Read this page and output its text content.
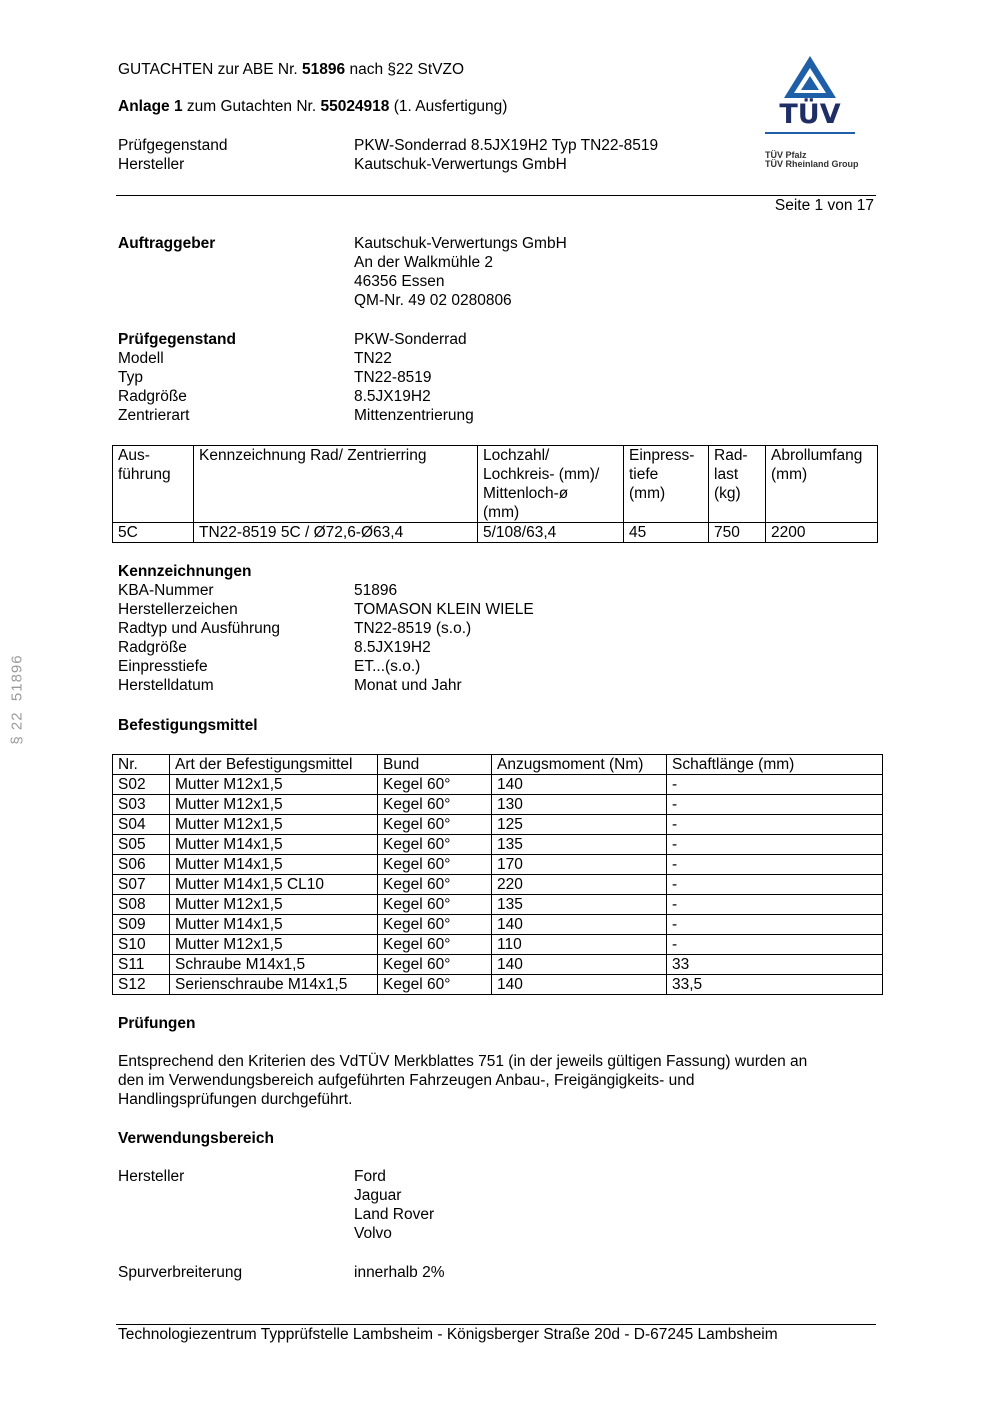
GUTACHTEN zur ABE Nr. 51896 nach §22 StVZO
Anlage 1 zum Gutachten Nr. 55024918 (1. Ausfertigung)
Prüfgegenstand	PKW-Sonderrad 8.5JX19H2 Typ TN22-8519
Hersteller	Kautschuk-Verwertungs GmbH
TÜV
TÜV Pfalz
TÜV Rheinland Group
Seite 1 von 17
§ 22  51896
Auftraggeber	Kautschuk-Verwertungs GmbH
An der Walkmühle 2
46356 Essen
QM-Nr. 49 02 0280806
Prüfgegenstand	PKW-Sonderrad
Modell	TN22
Typ	TN22-8519
Radgröße	8.5JX19H2
Zentrierart	Mittenzentrierung
Aus-
führung	Kennzeichnung Rad/ Zentrierring	Lochzahl/
Lochkreis- (mm)/
Mittenloch-ø
(mm)	Einpress-
tiefe
(mm)	Rad-
last
(kg)	Abrollumfang
(mm)
5C	TN22-8519 5C / Ø72,6-Ø63,4	5/108/63,4	45	750	2200
Kennzeichnungen
KBA-Nummer	51896
Herstellerzeichen	TOMASON KLEIN WIELE
Radtyp und Ausführung	TN22-8519 (s.o.)
Radgröße	8.5JX19H2
Einpresstiefe	ET...(s.o.)
Herstelldatum	Monat und Jahr
Befestigungsmittel
Nr.	Art der Befestigungsmittel	Bund	Anzugsmoment (Nm)	Schaftlänge (mm)
S02	Mutter M12x1,5	Kegel 60°	140	-
S03	Mutter M12x1,5	Kegel 60°	130	-
S04	Mutter M12x1,5	Kegel 60°	125	-
S05	Mutter M14x1,5	Kegel 60°	135	-
S06	Mutter M14x1,5	Kegel 60°	170	-
S07	Mutter M14x1,5 CL10	Kegel 60°	220	-
S08	Mutter M12x1,5	Kegel 60°	135	-
S09	Mutter M14x1,5	Kegel 60°	140	-
S10	Mutter M12x1,5	Kegel 60°	110	-
S11	Schraube M14x1,5	Kegel 60°	140	33
S12	Serienschraube M14x1,5	Kegel 60°	140	33,5
Prüfungen
Entsprechend den Kriterien des VdTÜV Merkblattes 751 (in der jeweils gültigen Fassung) wurden an
den im Verwendungsbereich aufgeführten Fahrzeugen Anbau-, Freigängigkeits- und
Handlingsprüfungen durchgeführt.
Verwendungsbereich
Hersteller	Ford
Jaguar
Land Rover
Volvo
Spurverbreiterung	innerhalb 2%
Technologiezentrum Typprüfstelle Lambsheim - Königsberger Straße 20d - D-67245 Lambsheim
